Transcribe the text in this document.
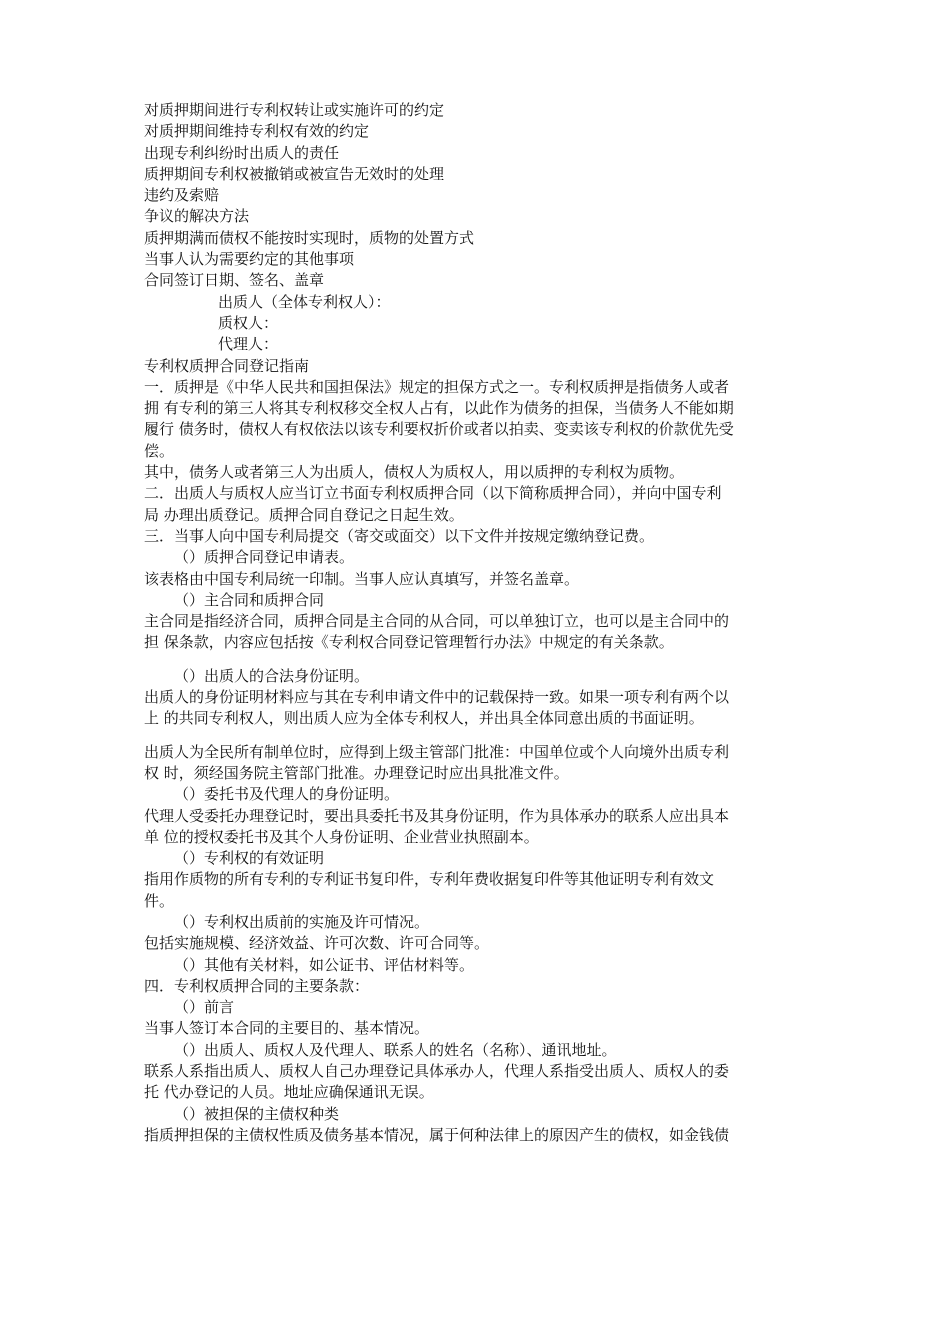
对质押期间进行专利权转让或实施许可的约定
对质押期间维持专利权有效的约定
出现专利纠纷时出质人的责任
质押期间专利权被撤销或被宣告无效时的处理
违约及索赔
争议的解决方法
质押期满而债权不能按时实现时，质物的处置方式
当事人认为需要约定的其他事项
合同签订日期、签名、盖章
出质人（全体专利权人）：
质权人：
代理人：
专利权质押合同登记指南
一．质押是《中华人民共和国担保法》规定的担保方式之一。专利权质押是指债务人或者
拥 有专利的第三人将其专利权移交全权人占有，以此作为债务的担保，当债务人不能如期
履行 债务时，债权人有权依法以该专利要权折价或者以拍卖、变卖该专利权的价款优先受
偿。
其中，债务人或者第三人为出质人，债权人为质权人，用以质押的专利权为质物。
二．出质人与质权人应当订立书面专利权质押合同（以下简称质押合同），并向中国专利
局 办理出质登记。质押合同自登记之日起生效。
三．当事人向中国专利局提交（寄交或面交）以下文件并按规定缴纳登记费。
（）质押合同登记申请表。
该表格由中国专利局统一印制。当事人应认真填写，并签名盖章。
（）主合同和质押合同
主合同是指经济合同，质押合同是主合同的从合同，可以单独订立，也可以是主合同中的
担 保条款，内容应包括按《专利权合同登记管理暂行办法》中规定的有关条款。
（）出质人的合法身份证明。
出质人的身份证明材料应与其在专利申请文件中的记载保持一致。如果一项专利有两个以
上 的共同专利权人，则出质人应为全体专利权人，并出具全体同意出质的书面证明。
出质人为全民所有制单位时，应得到上级主管部门批准：中国单位或个人向境外出质专利
权 时，须经国务院主管部门批准。办理登记时应出具批准文件。
（）委托书及代理人的身份证明。
代理人受委托办理登记时，要出具委托书及其身份证明，作为具体承办的联系人应出具本
单 位的授权委托书及其个人身份证明、企业营业执照副本。
（）专利权的有效证明
指用作质物的所有专利的专利证书复印件，专利年费收据复印件等其他证明专利有效文
件。
（）专利权出质前的实施及许可情况。
包括实施规模、经济效益、许可次数、许可合同等。
（）其他有关材料，如公证书、评估材料等。
四．专利权质押合同的主要条款：
（）前言
当事人签订本合同的主要目的、基本情况。
（）出质人、质权人及代理人、联系人的姓名（名称）、通讯地址。
联系人系指出质人、质权人自己办理登记具体承办人，代理人系指受出质人、质权人的委
托 代办登记的人员。地址应确保通讯无误。
（）被担保的主债权种类
指质押担保的主债权性质及债务基本情况，属于何种法律上的原因产生的债权，如金钱债
